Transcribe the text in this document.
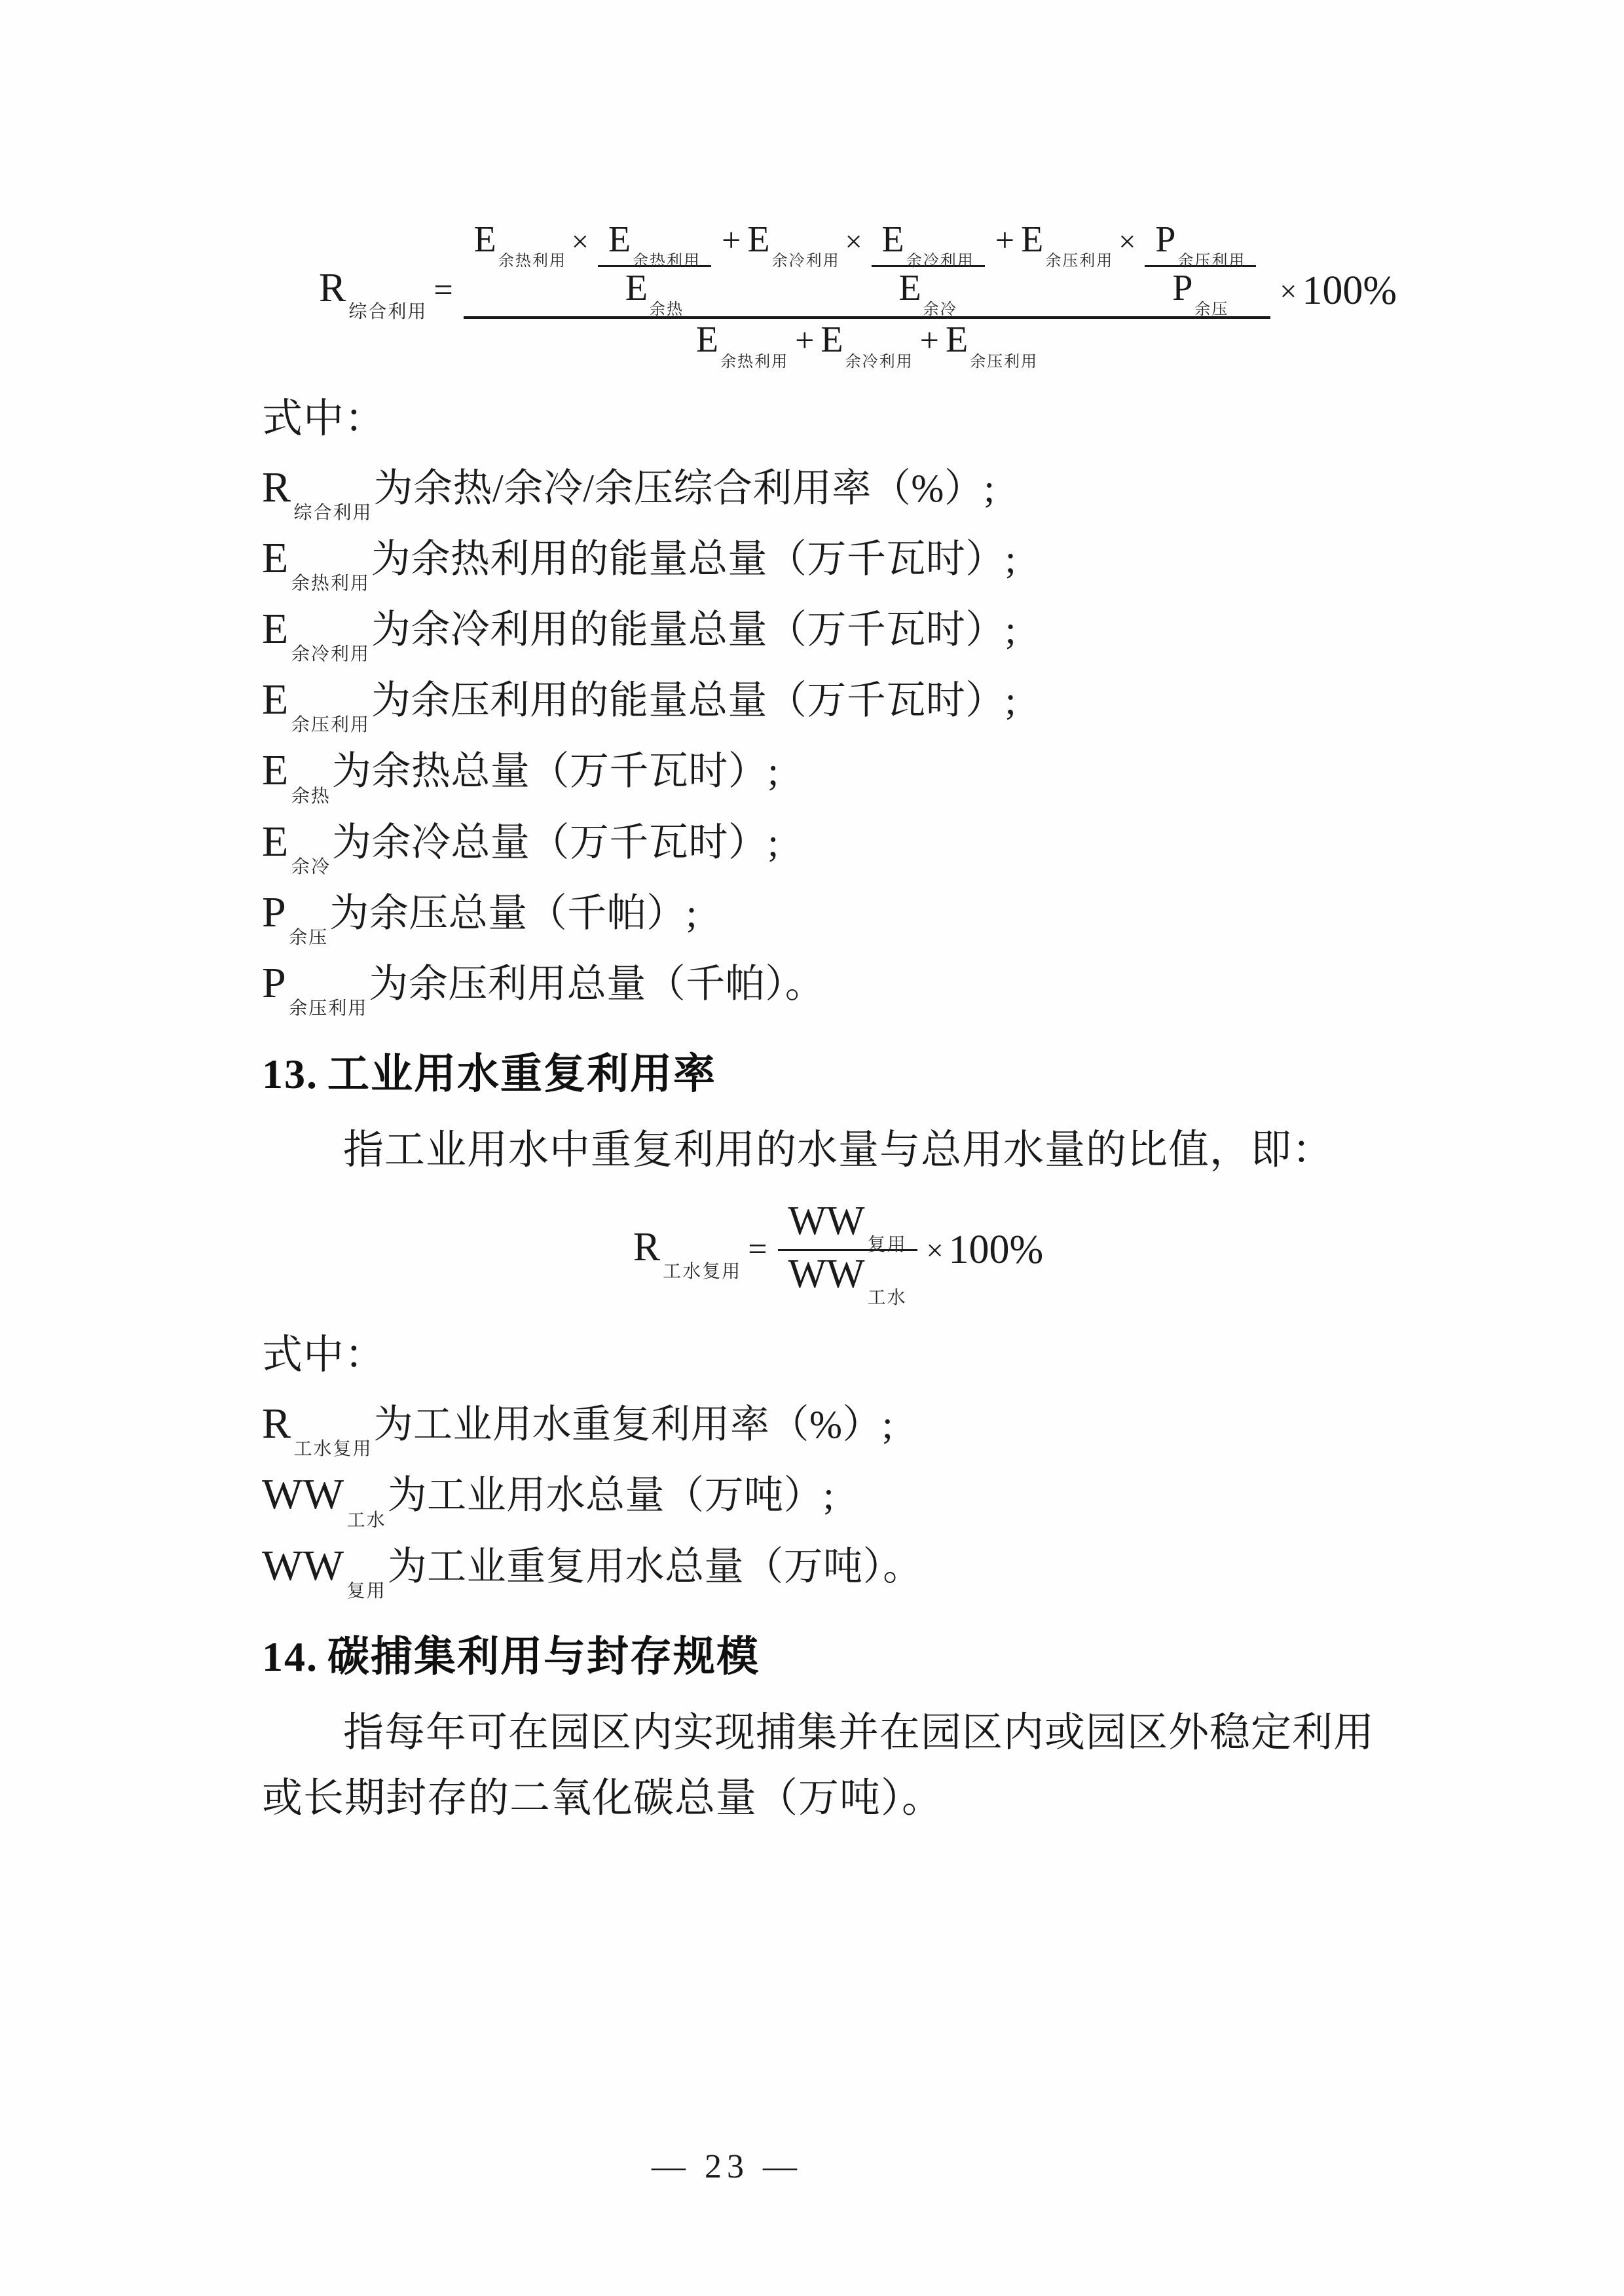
$R_{综合利用}$
=
$E_{余热利用}$
× $\frac{E_{余热利用}}{E_{余热}} + E_{余冷利用}$
× $\frac{E_{余冷利用}}{E_{余冷}} + E_{余压利用}$
× $\frac{P_{余压利用}}{P_{余压}}$
$E_{余热利用}$
+ $E_{余冷利用}$
+ $E_{余压利用}$
× 100%
式中：
$R_{综合利用}$
为余热/余冷/余压综合利用率（%）;
$E_{余热利用}$
为余热利用的能量总量（万千瓦时）;
$E_{余冷利用}$
为余冷利用的能量总量（万千瓦时）;
$E_{余压利用}$
为余压利用的能量总量（万千瓦时）;
$E_{余热}$
为余热总量（万千瓦时）;
$E_{余冷}$
为余冷总量（万千瓦时）;
$P_{余压}$
为余压总量（千帕）;
$P_{余压利用}$
为余压利用总量（千帕）。
13. 工业用水重复利用率

指工业用水中重复利用的水量与总用水量的比值，即：

$R_{工水复用}$
= $\frac{WW_{复用}}{WW_{工水}} \times 100\%$
式中：
$R_{工水复用}$
为工业用水重复利用率（%）;
$WW_{工水}$
为工业用水总量（万吨）;
$WW_{复用}$
为工业重复用水总量（万吨）。
14. 碳捕集利用与封存规模

指每年可在园区内实现捕集并在园区内或园区外稳定利用或长期封存的二氧化碳总量（万吨）。

— 23 —
